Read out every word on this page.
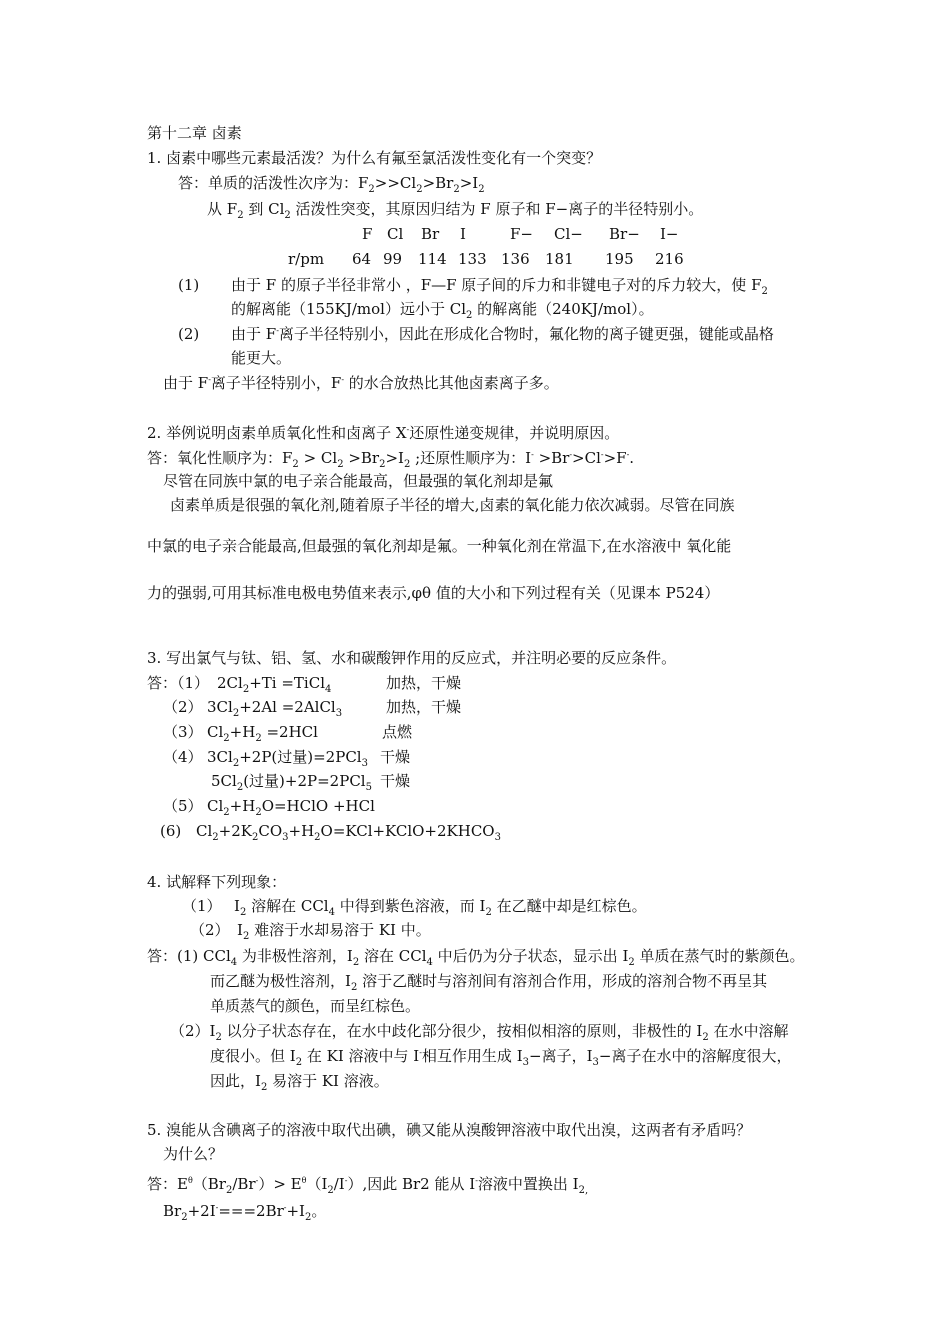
第十二章 卤素
1. 卤素中哪些元素最活泼？为什么有氟至氯活泼性变化有一个突变？
答：单质的活泼性次序为：$F_2>>Cl_2>Br_2>I_2$
从 $F_2$ 到 $Cl_2$ 活泼性突变，其原因归结为 F 原子和 F−离子的半径特别小。
F Cl Br I	F− Cl− Br− I−
r/pm 64 99 114 133 136 181 195 216
(1) 由于 F 的原子半径非常小 ，F—F 原子间的斥力和非键电子对的斥力较大，使 $F_2$
的解离能（155KJ/mol）远小于 $Cl_2$ 的解离能（240KJ/mol）。
(2) 由于 F-离子半径特别小，因此在形成化合物时，氟化物的离子键更强，键能或晶格
能更大。
由于 F-离子半径特别小，F- 的水合放热比其他卤素离子多。
2. 举例说明卤素单质氧化性和卤离子 X-还原性递变规律，并说明原因。
答：氧化性顺序为：$F_2 > Cl_2 >Br_2>I_2$ ;还原性顺序为：I- >Br->Cl->F-.
尽管在同族中氯的电子亲合能最高，但最强的氧化剂却是氟
卤素单质是很强的氧化剂,随着原子半径的增大,卤素的氧化能力依次减弱。尽管在同族
中氯的电子亲合能最高,但最强的氧化剂却是氟。一种氧化剂在常温下,在水溶液中 氧化能
力的强弱,可用其标准电极电势值来表示,φθ 值的大小和下列过程有关（见课本 P524）
3. 写出氯气与钛、铝、氢、水和碳酸钾作用的反应式，并注明必要的反应条件。
答：（1） $2Cl_2+Ti$ =TiCl$_4$	加热，干燥
（2） $3Cl_2+2Al$ =2AlCl$_3$	加热，干燥
（3） $Cl_2+H_2 =2HCl$	点燃
（4） $3Cl_2+2P$(过量)=2PCl$_3$ 干燥
$5Cl_2$(过量)+2P=2PCl$_5$ 干燥
（5） $Cl_2+H_2O=HClO +HCl$
(6) $Cl_2+2K_2CO_3+H_2O=KCl+KClO+2KHCO_3$
4. 试解释下列现象：
（1） $I_2$ 溶解在 CCl$_4$ 中得到紫色溶液，而 $I_2$ 在乙醚中却是红棕色。
（2） $I_2$ 难溶于水却易溶于 KI 中。
答：(1) CCl$_4$ 为非极性溶剂，$I_2$ 溶在 CCl$_4$ 中后仍为分子状态，显示出 $I_2$ 单质在蒸气时的紫颜色。
而乙醚为极性溶剂，$I_2$ 溶于乙醚时与溶剂间有溶剂合作用，形成的溶剂合物不再呈其
单质蒸气的颜色，而呈红棕色。
$(2)I_2$ 以分子状态存在，在水中歧化部分很少，按相似相溶的原则，非极性的 $I_2$ 在水中溶解
度很小。但 $I_2$ 在 KI 溶液中与 I-相互作用生成 $I_3-$离子，$I_3-$离子在水中的溶解度很大，
因此，$I_2$ 易溶于 KI 溶液。
5. 溴能从含碘离子的溶液中取代出碘，碘又能从溴酸钾溶液中取代出溴，这两者有矛盾吗？
为什么？
答：$E^\theta(Br_2/Br^-)> E^\theta(I_2/I^-)$,因此 Br2 能从 I-溶液中置换出 $I_{2,}$
$Br_2+2I^-===2Br^-+I_2$。
